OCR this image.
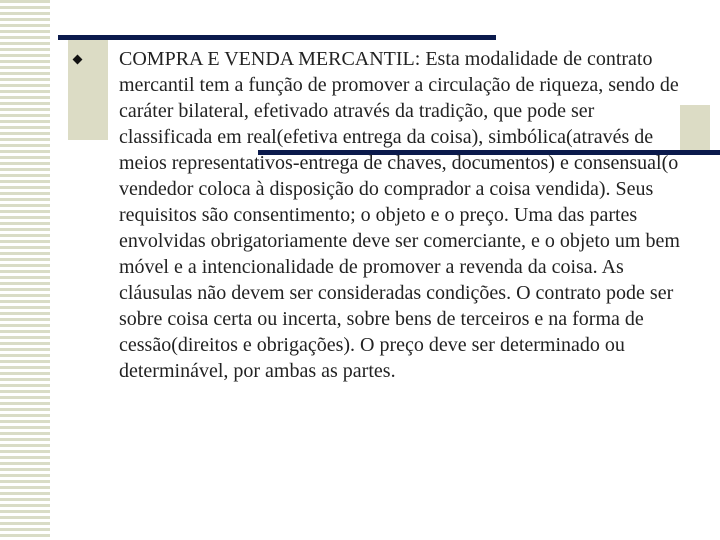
COMPRA E VENDA MERCANTIL: Esta modalidade de contrato mercantil tem a função de promover a circulação de riqueza, sendo de caráter bilateral, efetivado através da tradição, que pode ser classificada em real(efetiva entrega da coisa), simbólica(através de meios representativos-entrega de chaves, documentos) e consensual(o vendedor coloca à disposição do comprador a coisa vendida). Seus requisitos são consentimento; o objeto e o preço. Uma das partes envolvidas obrigatoriamente deve ser comerciante, e o objeto um bem móvel e a intencionalidade de promover a revenda da coisa. As cláusulas não devem ser consideradas condições. O contrato pode ser sobre coisa certa ou incerta, sobre bens de terceiros e na forma de cessão(direitos e obrigações). O preço deve ser determinado ou determinável, por ambas as partes.
